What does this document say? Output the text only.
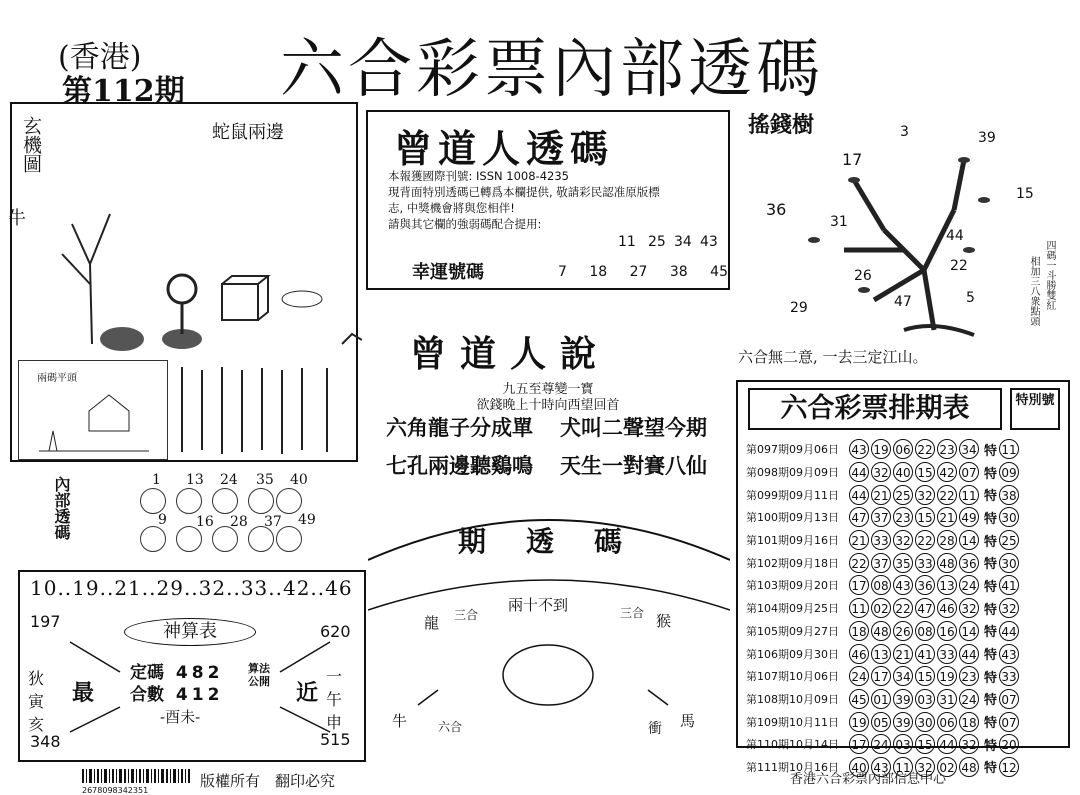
(香港)
第112期 六合彩票內部透碼
玄機圖	蛇鼠兩邊
牛
兩碼平頭
內部透碼	1 13 24 35 40
9 16 28 37 49
10..19..21..29..32..33..42..46
197
620
348	515
神算表
狄寅亥
最	近
一午申
定碼 482
合數 412
算法公開
-酉未-
曾道人透碼
本報獲國際刊號: ISSN 1008-4235
現背面特別透碼已轉爲本欄提供, 敬請彩民認准原版標
志, 中獎機會將與您相伴!
請與其它欄的強弱碼配合提用:
幸運號碼
11 25 34 43
7 18 27 38 45
曾道人說
九五至尊變一寶
欲錢晚上十時向西望回首
六角龍子分成單 犬叫二聲望今期
七孔兩邊聽鷄鳴 天生一對賽八仙
期透碼
兩十不到
龍 三合	三合 猴
牛	六合	衝 馬
搖錢樹
17
3	39
15
36
31
44
22
26
47	5
29	四碼一斗勝雙紅
相加三八衆點頭
六合無二意, 一去三定江山。
六合彩票排期表	特別號
第097期09月06日	43 19 06 22 23 34 特 11
第098期09月09日	44 32 40 15 42 07 特 09
第099期09月11日	44 21 25 32 22 11 特 38
第100期09月13日	47 37 23 15 21 49 特 30
第101期09月16日	21 33 32 22 28 14 特 25
第102期09月18日	22 37 35 33 48 36 特 30
第103期09月20日	17 08 43 36 13 24 特 41
第104期09月25日	11 02 22 47 46 32 特 32
第105期09月27日	18 48 26 08 16 14 特 44
第106期09月30日	46 13 21 41 33 44 特 43
第107期10月06日	24 17 34 15 19 23 特 33
第108期10月09日	45 01 39 03 31 24 特 07
第109期10月11日	19 05 39 30 06 18 特 07
第110期10月14日	17 24 03 15 44 32 特 20
第111期10月16日	40 43 11 32 02 48 特 12
2678098342351
版權所有　翻印必究	香港六合彩票內部信息中心
